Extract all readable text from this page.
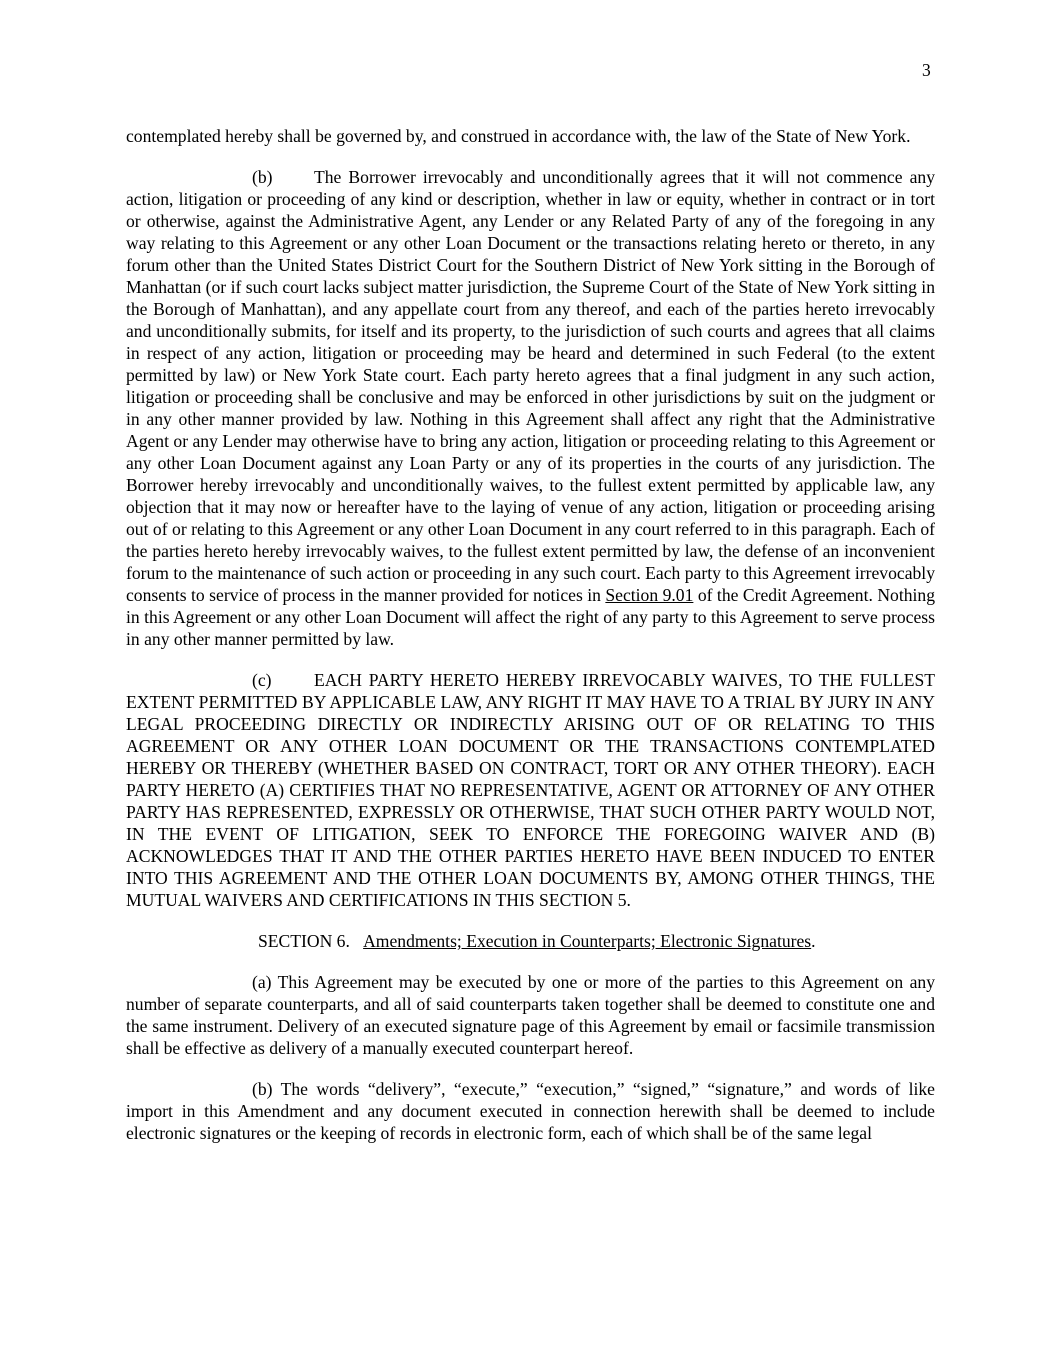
3

contemplated hereby shall be governed by, and construed in accordance with, the law of the State of New York.

(b) The Borrower irrevocably and unconditionally agrees that it will not commence any action, litigation or proceeding of any kind or description, whether in law or equity, whether in contract or in tort or otherwise, against the Administrative Agent, any Lender or any Related Party of any of the foregoing in any way relating to this Agreement or any other Loan Document or the transactions relating hereto or thereto, in any forum other than the United States District Court for the Southern District of New York sitting in the Borough of Manhattan (or if such court lacks subject matter jurisdiction, the Supreme Court of the State of New York sitting in the Borough of Manhattan), and any appellate court from any thereof, and each of the parties hereto irrevocably and unconditionally submits, for itself and its property, to the jurisdiction of such courts and agrees that all claims in respect of any action, litigation or proceeding may be heard and determined in such Federal (to the extent permitted by law) or New York State court. Each party hereto agrees that a final judgment in any such action, litigation or proceeding shall be conclusive and may be enforced in other jurisdictions by suit on the judgment or in any other manner provided by law. Nothing in this Agreement shall affect any right that the Administrative Agent or any Lender may otherwise have to bring any action, litigation or proceeding relating to this Agreement or any other Loan Document against any Loan Party or any of its properties in the courts of any jurisdiction. The Borrower hereby irrevocably and unconditionally waives, to the fullest extent permitted by applicable law, any objection that it may now or hereafter have to the laying of venue of any action, litigation or proceeding arising out of or relating to this Agreement or any other Loan Document in any court referred to in this paragraph. Each of the parties hereto hereby irrevocably waives, to the fullest extent permitted by law, the defense of an inconvenient forum to the maintenance of such action or proceeding in any such court. Each party to this Agreement irrevocably consents to service of process in the manner provided for notices in Section 9.01 of the Credit Agreement. Nothing in this Agreement or any other Loan Document will affect the right of any party to this Agreement to serve process in any other manner permitted by law.

(c) EACH PARTY HERETO HEREBY IRREVOCABLY WAIVES, TO THE FULLEST EXTENT PERMITTED BY APPLICABLE LAW, ANY RIGHT IT MAY HAVE TO A TRIAL BY JURY IN ANY LEGAL PROCEEDING DIRECTLY OR INDIRECTLY ARISING OUT OF OR RELATING TO THIS AGREEMENT OR ANY OTHER LOAN DOCUMENT OR THE TRANSACTIONS CONTEMPLATED HEREBY OR THEREBY (WHETHER BASED ON CONTRACT, TORT OR ANY OTHER THEORY). EACH PARTY HERETO (A) CERTIFIES THAT NO REPRESENTATIVE, AGENT OR ATTORNEY OF ANY OTHER PARTY HAS REPRESENTED, EXPRESSLY OR OTHERWISE, THAT SUCH OTHER PARTY WOULD NOT, IN THE EVENT OF LITIGATION, SEEK TO ENFORCE THE FOREGOING WAIVER AND (B) ACKNOWLEDGES THAT IT AND THE OTHER PARTIES HERETO HAVE BEEN INDUCED TO ENTER INTO THIS AGREEMENT AND THE OTHER LOAN DOCUMENTS BY, AMONG OTHER THINGS, THE MUTUAL WAIVERS AND CERTIFICATIONS IN THIS SECTION 5.

SECTION 6. Amendments; Execution in Counterparts; Electronic Signatures.

(a) This Agreement may be executed by one or more of the parties to this Agreement on any number of separate counterparts, and all of said counterparts taken together shall be deemed to constitute one and the same instrument. Delivery of an executed signature page of this Agreement by email or facsimile transmission shall be effective as delivery of a manually executed counterpart hereof.

(b) The words “delivery”, “execute,” “execution,” “signed,” “signature,” and words of like import in this Amendment and any document executed in connection herewith shall be deemed to include electronic signatures or the keeping of records in electronic form, each of which shall be of the same legal
